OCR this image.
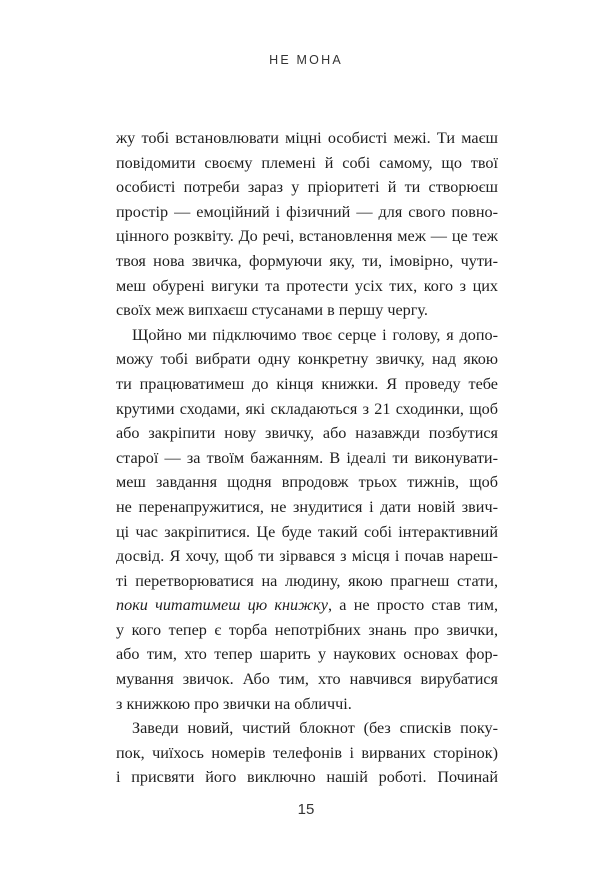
НЕ МОНА
жу тобі встановлювати міцні особисті межі. Ти маєш
повідомити своєму племені й собі самому, що твої
особисті потреби зараз у пріоритеті й ти створюєш
простір — емоційний і фізичний — для свого повно-
цінного розквіту. До речі, встановлення меж — це теж
твоя нова звичка, формуючи яку, ти, імовірно, чути-
меш обурені вигуки та протести усіх тих, кого з цих
своїх меж випхаєш стусанами в першу чергу.
Щойно ми підключимо твоє серце і голову, я допо-
можу тобі вибрати одну конкретну звичку, над якою
ти працюватимеш до кінця книжки. Я проведу тебе
крутими сходами, які складаються з 21 сходинки, щоб
або закріпити нову звичку, або назавжди позбутися
старої — за твоїм бажанням. В ідеалі ти виконувати-
меш завдання щодня впродовж трьох тижнів, щоб
не перенапружитися, не знудитися і дати новій звич-
ці час закріпитися. Це буде такий собі інтерактивний
досвід. Я хочу, щоб ти зірвався з місця і почав нареш-
ті перетворюватися на людину, якою прагнеш стати,
поки читатимеш цю книжку, а не просто став тим,
у кого тепер є торба непотрібних знань про звички,
або тим, хто тепер шарить у наукових основах фор-
мування звичок. Або тим, хто навчився вирубатися
з книжкою про звички на обличчі.
Заведи новий, чистий блокнот (без списків поку-
пок, чиїхось номерів телефонів і вирваних сторінок)
і присвяти його виключно нашій роботі. Починай
15
